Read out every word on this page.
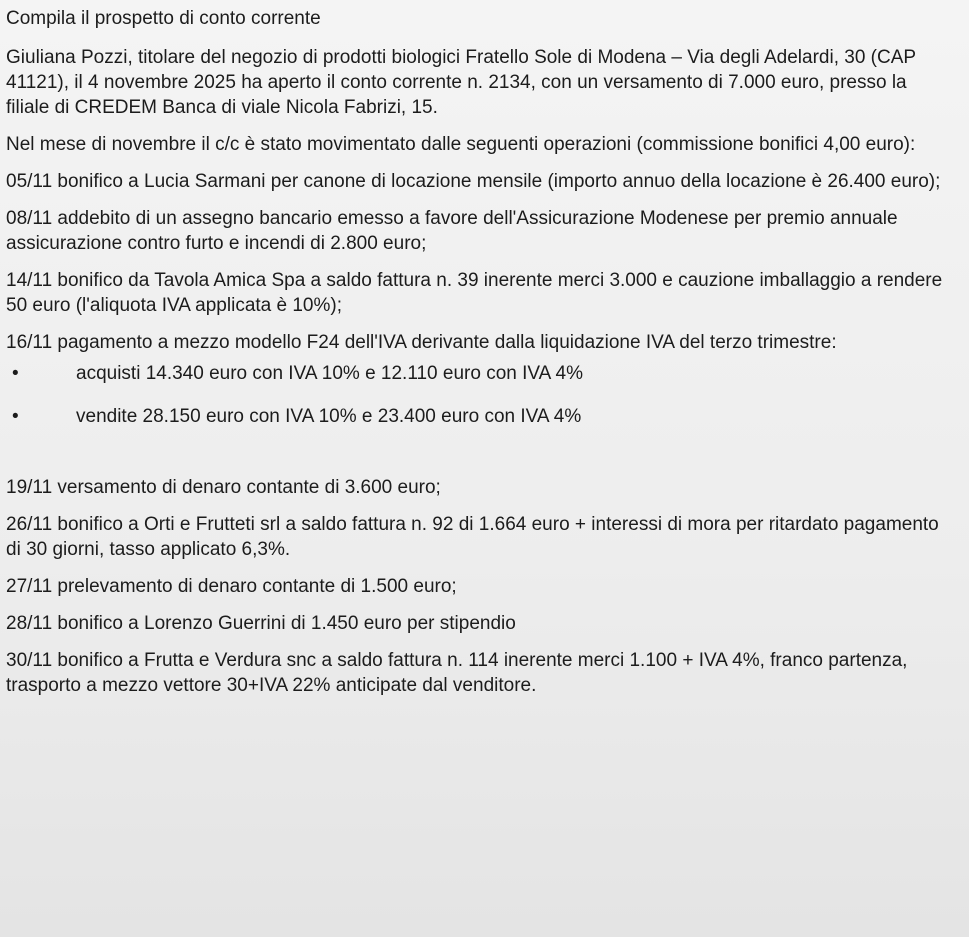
Compila il prospetto di conto corrente

Giuliana Pozzi, titolare del negozio di prodotti biologici Fratello Sole di Modena – Via degli Adelardi, 30 (CAP 41121), il 4 novembre 2025 ha aperto il conto corrente n. 2134, con un versamento di 7.000 euro, presso la filiale di CREDEM Banca di viale Nicola Fabrizi, 15.

Nel mese di novembre il c/c è stato movimentato dalle seguenti operazioni (commissione bonifici 4,00 euro):

05/11 bonifico a Lucia Sarmani per canone di locazione mensile (importo annuo della locazione è 26.400 euro);

08/11 addebito di un assegno bancario emesso a favore dell'Assicurazione Modenese per premio annuale assicurazione contro furto e incendi di 2.800 euro;

14/11 bonifico da Tavola Amica Spa a saldo fattura n. 39 inerente merci 3.000 e cauzione imballaggio a rendere 50 euro (l'aliquota IVA applicata è 10%);

16/11 pagamento a mezzo modello F24 dell'IVA derivante dalla liquidazione IVA del terzo trimestre:

•	acquisti 14.340 euro con IVA 10% e 12.110 euro con IVA 4%
•	vendite 28.150 euro con IVA 10% e 23.400 euro con IVA 4%

19/11 versamento di denaro contante di 3.600 euro;

26/11 bonifico a Orti e Frutteti srl a saldo fattura n. 92 di 1.664 euro + interessi di mora per ritardato pagamento di 30 giorni, tasso applicato 6,3%.

27/11 prelevamento di denaro contante di 1.500 euro;

28/11 bonifico a Lorenzo Guerrini di 1.450 euro per stipendio

30/11 bonifico a Frutta e Verdura snc a saldo fattura n. 114 inerente merci 1.100 + IVA 4%, franco partenza, trasporto a mezzo vettore 30+IVA 22% anticipate dal venditore.
